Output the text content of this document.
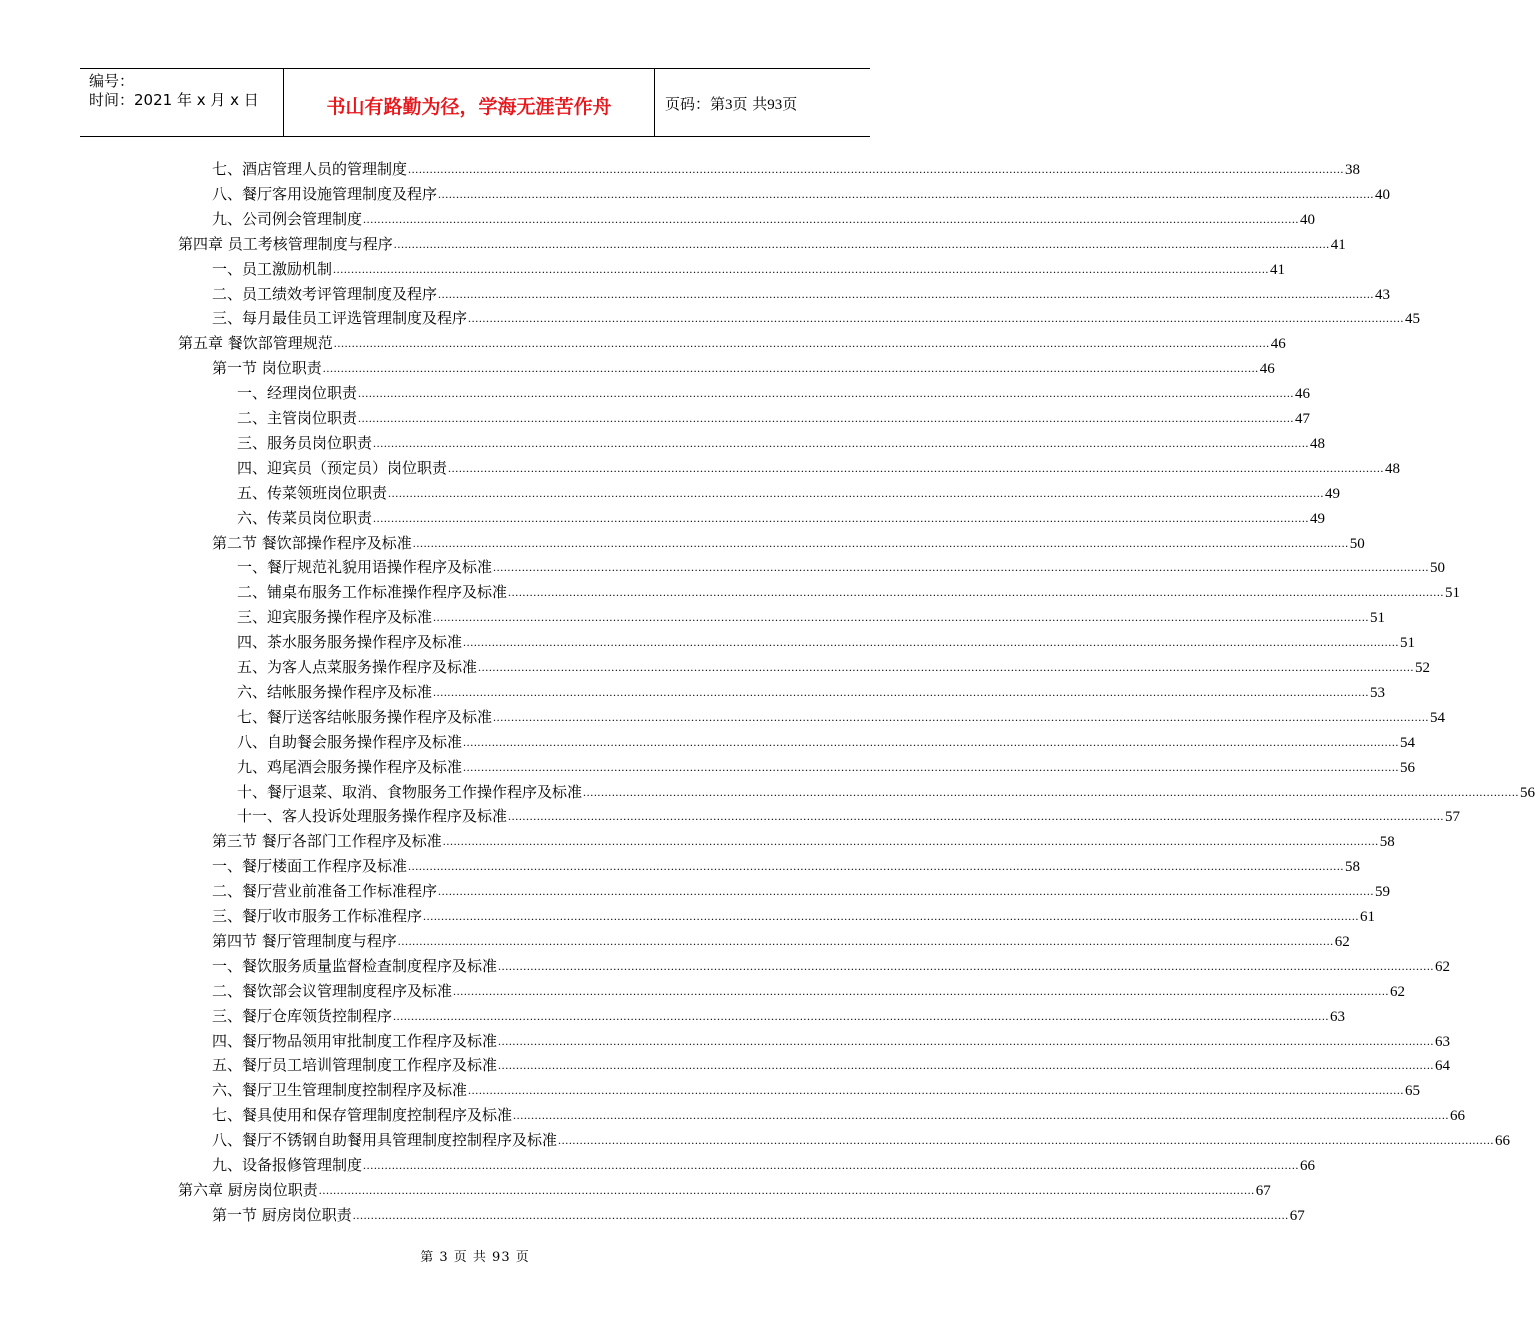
编号：
时间：2021 年 x 月 x 日	书山有路勤为径，学海无涯苦作舟	页码：第3页 共93页
七、酒店管理人员的管理制度 .................................................................................................................................................................................................................................................................... 38
八、餐厅客用设施管理制度及程序 .................................................................................................................................................................................................................................................................... 40
九、公司例会管理制度 .................................................................................................................................................................................................................................................................... 40
第四章 员工考核管理制度与程序 .................................................................................................................................................................................................................................................................... 41
一、员工激励机制 .................................................................................................................................................................................................................................................................... 41
二、员工绩效考评管理制度及程序 .................................................................................................................................................................................................................................................................... 43
三、每月最佳员工评选管理制度及程序 .................................................................................................................................................................................................................................................................... 45
第五章 餐饮部管理规范 .................................................................................................................................................................................................................................................................... 46
第一节 岗位职责 .................................................................................................................................................................................................................................................................... 46
一、经理岗位职责 .................................................................................................................................................................................................................................................................... 46
二、主管岗位职责 .................................................................................................................................................................................................................................................................... 47
三、服务员岗位职责 .................................................................................................................................................................................................................................................................... 48
四、迎宾员（预定员）岗位职责 .................................................................................................................................................................................................................................................................... 48
五、传菜领班岗位职责 .................................................................................................................................................................................................................................................................... 49
六、传菜员岗位职责 .................................................................................................................................................................................................................................................................... 49
第二节 餐饮部操作程序及标准 .................................................................................................................................................................................................................................................................... 50
一、餐厅规范礼貌用语操作程序及标准 .................................................................................................................................................................................................................................................................... 50
二、铺桌布服务工作标准操作程序及标准 .................................................................................................................................................................................................................................................................... 51
三、迎宾服务操作程序及标准 .................................................................................................................................................................................................................................................................... 51
四、茶水服务服务操作程序及标准 .................................................................................................................................................................................................................................................................... 51
五、为客人点菜服务操作程序及标准 .................................................................................................................................................................................................................................................................... 52
六、结帐服务操作程序及标准 .................................................................................................................................................................................................................................................................... 53
七、餐厅送客结帐服务操作程序及标准 .................................................................................................................................................................................................................................................................... 54
八、自助餐会服务操作程序及标准 .................................................................................................................................................................................................................................................................... 54
九、鸡尾酒会服务操作程序及标准 .................................................................................................................................................................................................................................................................... 56
十、餐厅退菜、取消、食物服务工作操作程序及标准 .................................................................................................................................................................................................................................................................... 56
十一、客人投诉处理服务操作程序及标准 .................................................................................................................................................................................................................................................................... 57
第三节 餐厅各部门工作程序及标准 .................................................................................................................................................................................................................................................................... 58
一、餐厅楼面工作程序及标准 .................................................................................................................................................................................................................................................................... 58
二、餐厅营业前准备工作标准程序 .................................................................................................................................................................................................................................................................... 59
三、餐厅收市服务工作标准程序 .................................................................................................................................................................................................................................................................... 61
第四节 餐厅管理制度与程序 .................................................................................................................................................................................................................................................................... 62
一、餐饮服务质量监督检查制度程序及标准 .................................................................................................................................................................................................................................................................... 62
二、餐饮部会议管理制度程序及标准 .................................................................................................................................................................................................................................................................... 62
三、餐厅仓库领货控制程序 .................................................................................................................................................................................................................................................................... 63
四、餐厅物品领用审批制度工作程序及标准 .................................................................................................................................................................................................................................................................... 63
五、餐厅员工培训管理制度工作程序及标准 .................................................................................................................................................................................................................................................................... 64
六、餐厅卫生管理制度控制程序及标准 .................................................................................................................................................................................................................................................................... 65
七、餐具使用和保存管理制度控制程序及标准 .................................................................................................................................................................................................................................................................... 66
八、餐厅不锈钢自助餐用具管理制度控制程序及标准 .................................................................................................................................................................................................................................................................... 66
九、设备报修管理制度 .................................................................................................................................................................................................................................................................... 66
第六章 厨房岗位职责 .................................................................................................................................................................................................................................................................... 67
第一节 厨房岗位职责 .................................................................................................................................................................................................................................................................... 67
第 3 页 共 93 页
